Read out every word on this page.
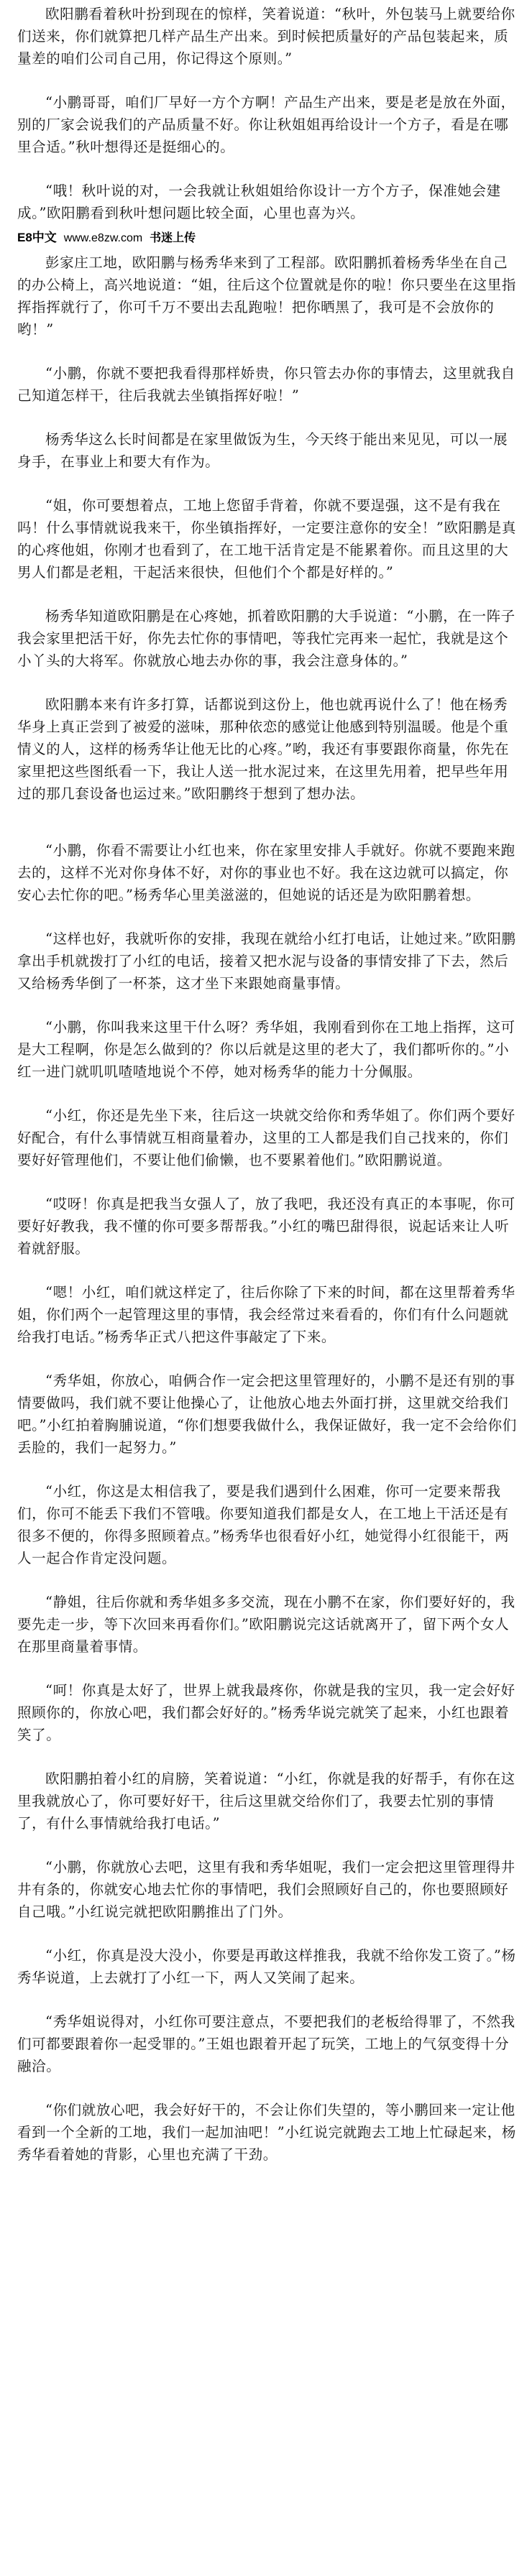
欧阳鹏看着秋叶扮到现在的惊样，笑着说道：“秋叶，外包装马上就要给你们送来，你们就算把几样产品生产出来。到时候把质量好的产品包装起来，质量差的咱们公司自己用，你记得这个原则。”

“小鹏哥哥，咱们厂早好一方个方啊！产品生产出来，要是老是放在外面，别的厂家会说我们的产品质量不好。你让秋姐姐再给设计一个方子，看是在哪里合适。”秋叶想得还是挺细心的。

“哦！秋叶说的对，一会我就让秋姐姐给你设计一方个方子，保准她会建成。”欧阳鹏看到秋叶想问题比较全面，心里也喜为兴。

E8中文 www.e8zw.com 书迷上传

彭家庄工地，欧阳鹏与杨秀华来到了工程部。欧阳鹏抓着杨秀华坐在自己的办公椅上，高兴地说道：“姐，往后这个位置就是你的啦！你只要坐在这里指挥指挥就行了，你可千万不要出去乱跑啦！把你晒黑了，我可是不会放你的哟！”

“小鹏，你就不要把我看得那样娇贵，你只管去办你的事情去，这里就我自己知道怎样干，往后我就去坐镇指挥好啦！”

杨秀华这么长时间都是在家里做饭为生，今天终于能出来见见，可以一展身手，在事业上和要大有作为。

“姐，你可要想着点，工地上您留手背着，你就不要逞强，这不是有我在吗！什么事情就说我来干，你坐镇指挥好，一定要注意你的安全！”欧阳鹏是真的心疼他姐，你刚才也看到了，在工地干活肯定是不能累着你。而且这里的大男人们都是老粗，干起活来很快，但他们个个都是好样的。”

杨秀华知道欧阳鹏是在心疼她，抓着欧阳鹏的大手说道：“小鹏，在一阵子我会家里把活干好，你先去忙你的事情吧，等我忙完再来一起忙，我就是这个小丫头的大将军。你就放心地去办你的事，我会注意身体的。”

欧阳鹏本来有许多打算，话都说到这份上，他也就再说什么了！他在杨秀华身上真正尝到了被爱的滋味，那种依恋的感觉让他感到特别温暖。他是个重情义的人，这样的杨秀华让他无比的心疼。”哟，我还有事要跟你商量，你先在家里把这些图纸看一下，我让人送一批水泥过来，在这里先用着，把早些年用过的那几套设备也运过来。”欧阳鹏终于想到了想办法。

“小鹏，你看不需要让小红也来，你在家里安排人手就好。你就不要跑来跑去的，这样不光对你身体不好，对你的事业也不好。我在这边就可以搞定，你安心去忙你的吧。”杨秀华心里美滋滋的，但她说的话还是为欧阳鹏着想。

“这样也好，我就听你的安排，我现在就给小红打电话，让她过来。”欧阳鹏拿出手机就拨打了小红的电话，接着又把水泥与设备的事情安排了下去，然后又给杨秀华倒了一杯茶，这才坐下来跟她商量事情。

“小鹏，你叫我来这里干什么呀？秀华姐，我刚看到你在工地上指挥，这可是大工程啊，你是怎么做到的？你以后就是这里的老大了，我们都听你的。”小红一进门就叽叽喳喳地说个不停，她对杨秀华的能力十分佩服。

“小红，你还是先坐下来，往后这一块就交给你和秀华姐了。你们两个要好好配合，有什么事情就互相商量着办，这里的工人都是我们自己找来的，你们要好好管理他们，不要让他们偷懒，也不要累着他们。”欧阳鹏说道。

“哎呀！你真是把我当女强人了，放了我吧，我还没有真正的本事呢，你可要好好教我，我不懂的你可要多帮帮我。”小红的嘴巴甜得很，说起话来让人听着就舒服。

“嗯！小红，咱们就这样定了，往后你除了下来的时间，都在这里帮着秀华姐，你们两个一起管理这里的事情，我会经常过来看看的，你们有什么问题就给我打电话。”杨秀华正式八把这件事敲定了下来。

“秀华姐，你放心，咱俩合作一定会把这里管理好的，小鹏不是还有别的事情要做吗，我们就不要让他操心了，让他放心地去外面打拼，这里就交给我们吧。”小红拍着胸脯说道，“你们想要我做什么，我保证做好，我一定不会给你们丢脸的，我们一起努力。”

“小红，你这是太相信我了，要是我们遇到什么困难，你可一定要来帮我们，你可不能丢下我们不管哦。你要知道我们都是女人，在工地上干活还是有很多不便的，你得多照顾着点。”杨秀华也很看好小红，她觉得小红很能干，两人一起合作肯定没问题。

“静姐，往后你就和秀华姐多多交流，现在小鹏不在家，你们要好好的，我要先走一步，等下次回来再看你们。”欧阳鹏说完这话就离开了，留下两个女人在那里商量着事情。

“呵！你真是太好了，世界上就我最疼你，你就是我的宝贝，我一定会好好照顾你的，你放心吧，我们都会好好的。”杨秀华说完就笑了起来，小红也跟着笑了。

欧阳鹏拍着小红的肩膀，笑着说道：“小红，你就是我的好帮手，有你在这里我就放心了，你可要好好干，往后这里就交给你们了，我要去忙别的事情了，有什么事情就给我打电话。”

“小鹏，你就放心去吧，这里有我和秀华姐呢，我们一定会把这里管理得井井有条的，你就安心地去忙你的事情吧，我们会照顾好自己的，你也要照顾好自己哦。”小红说完就把欧阳鹏推出了门外。

“小红，你真是没大没小，你要是再敢这样推我，我就不给你发工资了。”杨秀华说道，上去就打了小红一下，两人又笑闹了起来。

“秀华姐说得对，小红你可要注意点，不要把我们的老板给得罪了，不然我们可都要跟着你一起受罪的。”王姐也跟着开起了玩笑，工地上的气氛变得十分融洽。

“你们就放心吧，我会好好干的，不会让你们失望的，等小鹏回来一定让他看到一个全新的工地，我们一起加油吧！”小红说完就跑去工地上忙碌起来，杨秀华看着她的背影，心里也充满了干劲。
